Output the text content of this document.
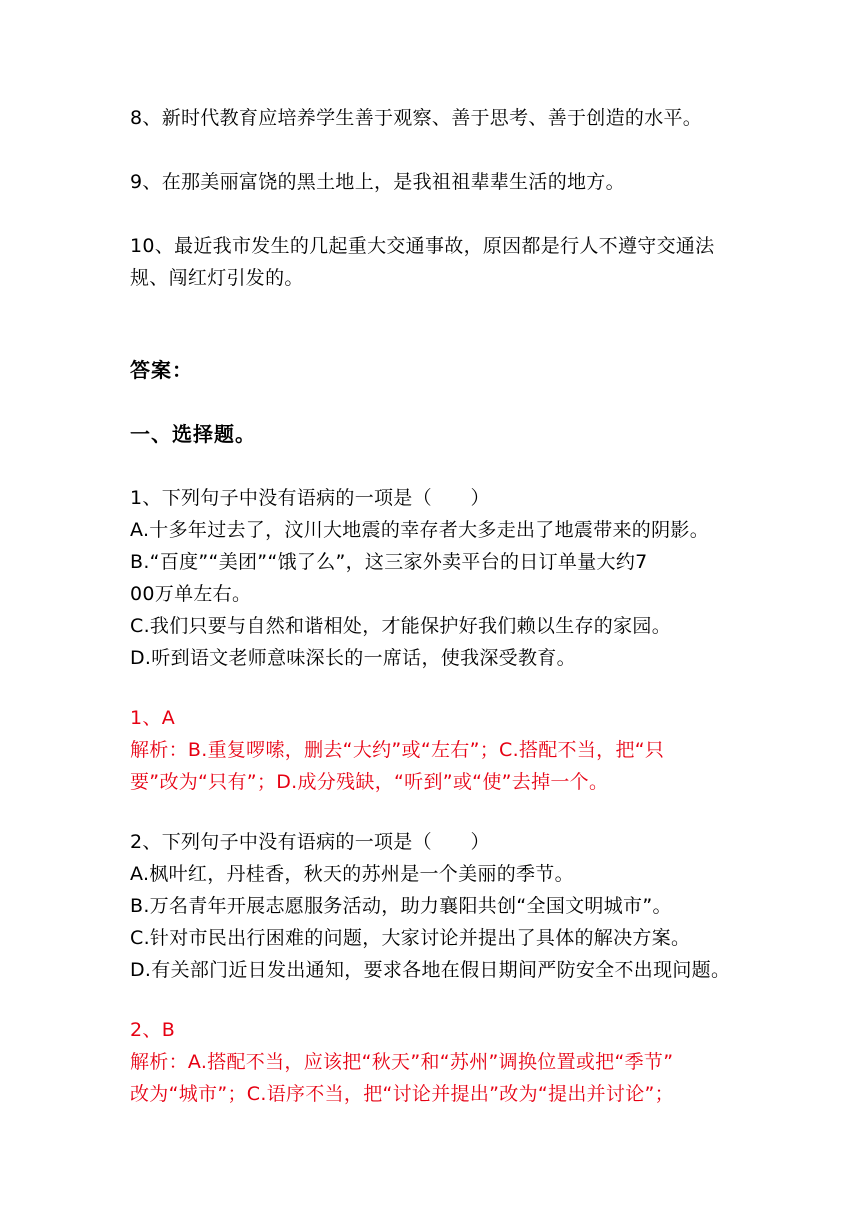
8、新时代教育应培养学生善于观察、善于思考、善于创造的水平。

9、在那美丽富饶的黑土地上，是我祖祖辈辈生活的地方。

10、最近我市发生的几起重大交通事故，原因都是行人不遵守交通法

规、闯红灯引发的。

答案：

一、选择题。

1、下列句子中没有语病的一项是（　　）

A.十多年过去了，汶川大地震的幸存者大多走出了地震带来的阴影。

B.“百度”“美团”“饿了么”，这三家外卖平台的日订单量大约7

00万单左右。

C.我们只要与自然和谐相处，才能保护好我们赖以生存的家园。

D.听到语文老师意味深长的一席话，使我深受教育。

1、A

解析：B.重复啰嗦，删去“大约”或“左右”；C.搭配不当，把“只

要”改为“只有”；D.成分残缺，“听到”或“使”去掉一个。

2、下列句子中没有语病的一项是（　　）

A.枫叶红，丹桂香，秋天的苏州是一个美丽的季节。

B.万名青年开展志愿服务活动，助力襄阳共创“全国文明城市”。

C.针对市民出行困难的问题，大家讨论并提出了具体的解决方案。

D.有关部门近日发出通知，要求各地在假日期间严防安全不出现问题。

2、B

解析：A.搭配不当，应该把“秋天”和“苏州”调换位置或把“季节”

改为“城市”；C.语序不当，把“讨论并提出”改为“提出并讨论”；
